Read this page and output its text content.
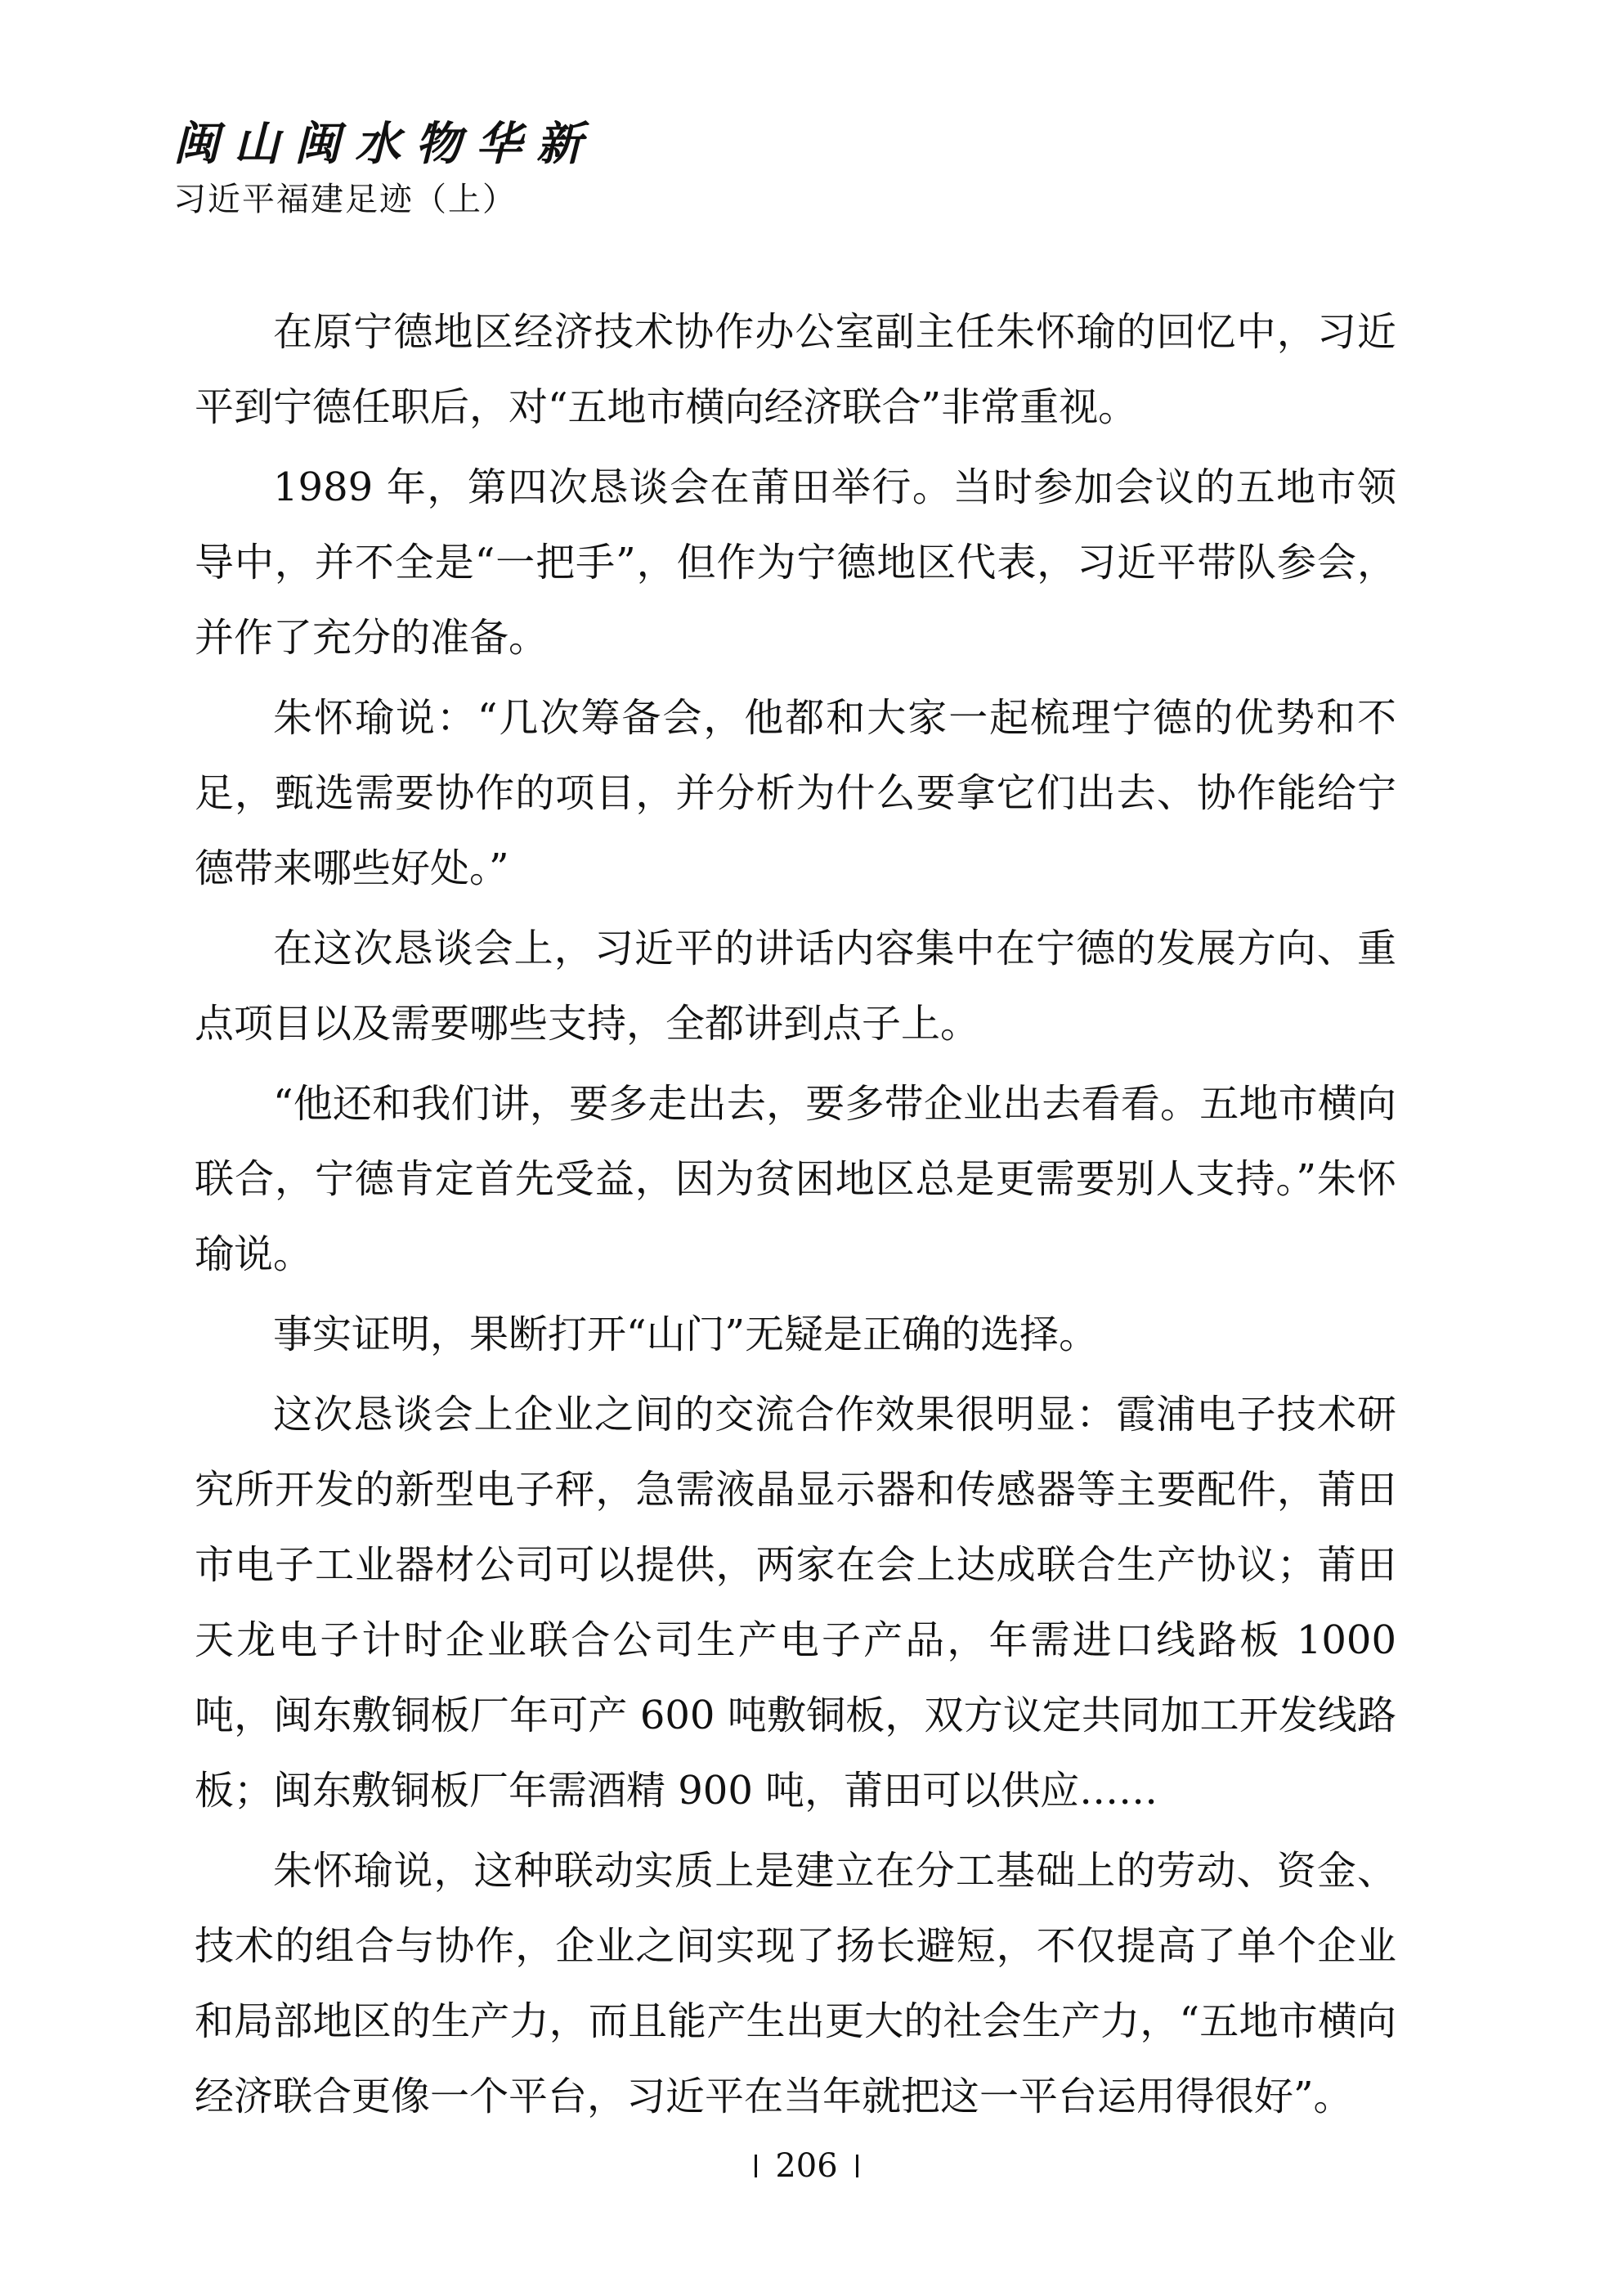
闽山闽水物华新
习近平福建足迹（上）

在原宁德地区经济技术协作办公室副主任朱怀瑜的回忆中，习近平到宁德任职后，对“五地市横向经济联合”非常重视。

1989 年，第四次恳谈会在莆田举行。当时参加会议的五地市领导中，并不全是“一把手”，但作为宁德地区代表，习近平带队参会，并作了充分的准备。

朱怀瑜说：“几次筹备会，他都和大家一起梳理宁德的优势和不足，甄选需要协作的项目，并分析为什么要拿它们出去、协作能给宁德带来哪些好处。”

在这次恳谈会上，习近平的讲话内容集中在宁德的发展方向、重点项目以及需要哪些支持，全都讲到点子上。

“他还和我们讲，要多走出去，要多带企业出去看看。五地市横向联合，宁德肯定首先受益，因为贫困地区总是更需要别人支持。”朱怀瑜说。

事实证明，果断打开“山门”无疑是正确的选择。

这次恳谈会上企业之间的交流合作效果很明显：霞浦电子技术研究所开发的新型电子秤，急需液晶显示器和传感器等主要配件，莆田市电子工业器材公司可以提供，两家在会上达成联合生产协议；莆田天龙电子计时企业联合公司生产电子产品，年需进口线路板 1000 吨，闽东敷铜板厂年可产 600 吨敷铜板，双方议定共同加工开发线路板；闽东敷铜板厂年需酒精 900 吨，莆田可以供应……

朱怀瑜说，这种联动实质上是建立在分工基础上的劳动、资金、技术的组合与协作，企业之间实现了扬长避短，不仅提高了单个企业和局部地区的生产力，而且能产生出更大的社会生产力，“五地市横向经济联合更像一个平台，习近平在当年就把这一平台运用得很好”。

206
